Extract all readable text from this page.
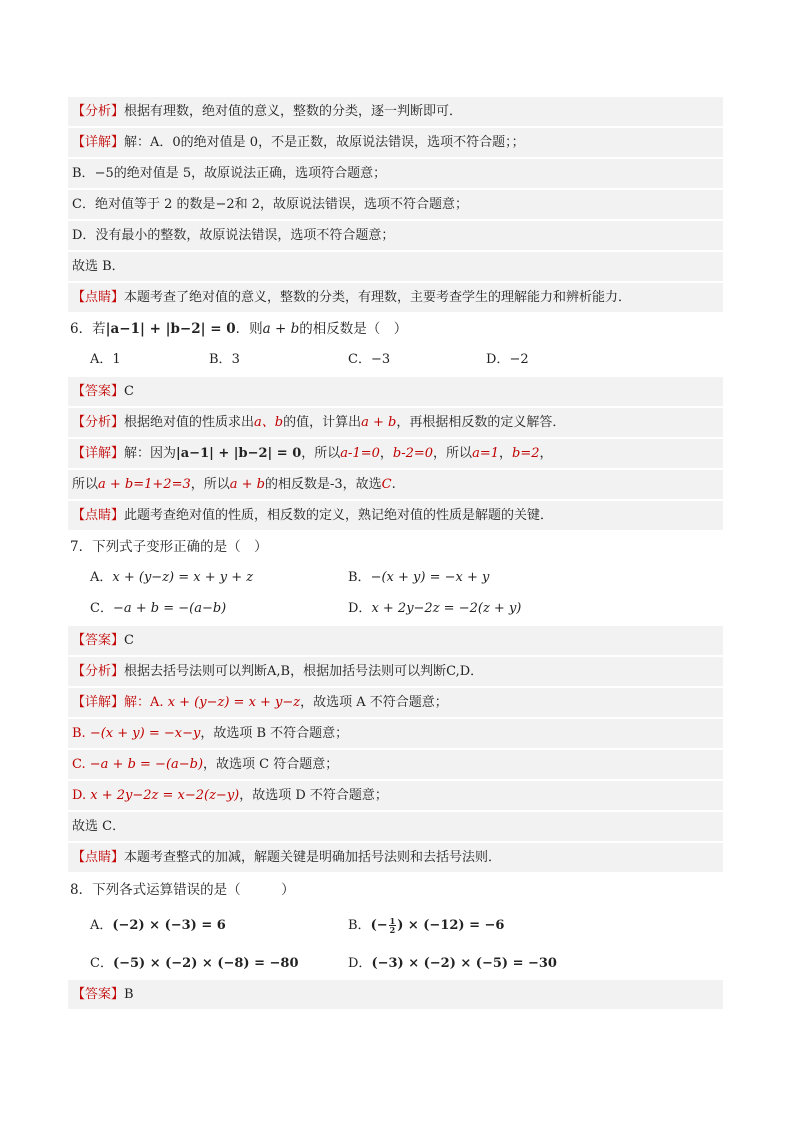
【分析】根据有理数，绝对值的意义，整数的分类，逐一判断即可．
【详解】解：A．0的绝对值是 0，不是正数，故原说法错误，选项不符合题；；
B．−5的绝对值是 5，故原说法正确，选项符合题意；
C．绝对值等于 2 的数是−2和 2，故原说法错误，选项不符合题意；
D．没有最小的整数，故原说法错误，选项不符合题意；
故选 B．
【点睛】本题考查了绝对值的意义，整数的分类，有理数，主要考查学生的理解能力和辨析能力．
6．若|a−1| + |b−2| = 0．则a + b的相反数是（　）
A．1	B．3	C．−3	D．−2
【答案】C
【分析】根据绝对值的性质求出a、b的值，计算出a + b，再根据相反数的定义解答．
【详解】解：因为|a−1| + |b−2| = 0，所以a-1=0，b-2=0，所以a=1，b=2，
所以a + b=1+2=3，所以a + b的相反数是-3，故选C.
【点睛】此题考查绝对值的性质，相反数的定义，熟记绝对值的性质是解题的关键．
7．下列式子变形正确的是（　）
A．x + (y−z) = x + y + z	B．−(x + y) = −x + y
C．−a + b = −(a−b)	D．x + 2y−2z = −2(z + y)
【答案】C
【分析】根据去括号法则可以判断A,B，根据加括号法则可以判断C,D．
【详解】解：A. x + (y−z) = x + y−z，故选项 A 不符合题意；
B. −(x + y) = −x−y，故选项 B 不符合题意；
C. −a + b = −(a−b)，故选项 C 符合题意；
D. x + 2y−2z = x−2(z−y)，故选项 D 不符合题意；
故选 C．
【点睛】本题考查整式的加减，解题关键是明确加括号法则和去括号法则．
8．下列各式运算错误的是（　　　）
A．(−2) × (−3) = 6	B．(− $\frac{1}{2}$ ) × (−12) = −6
C．(−5) × (−2) × (−8) = −80	D．(−3) × (−2) × (−5) = −30
【答案】B
